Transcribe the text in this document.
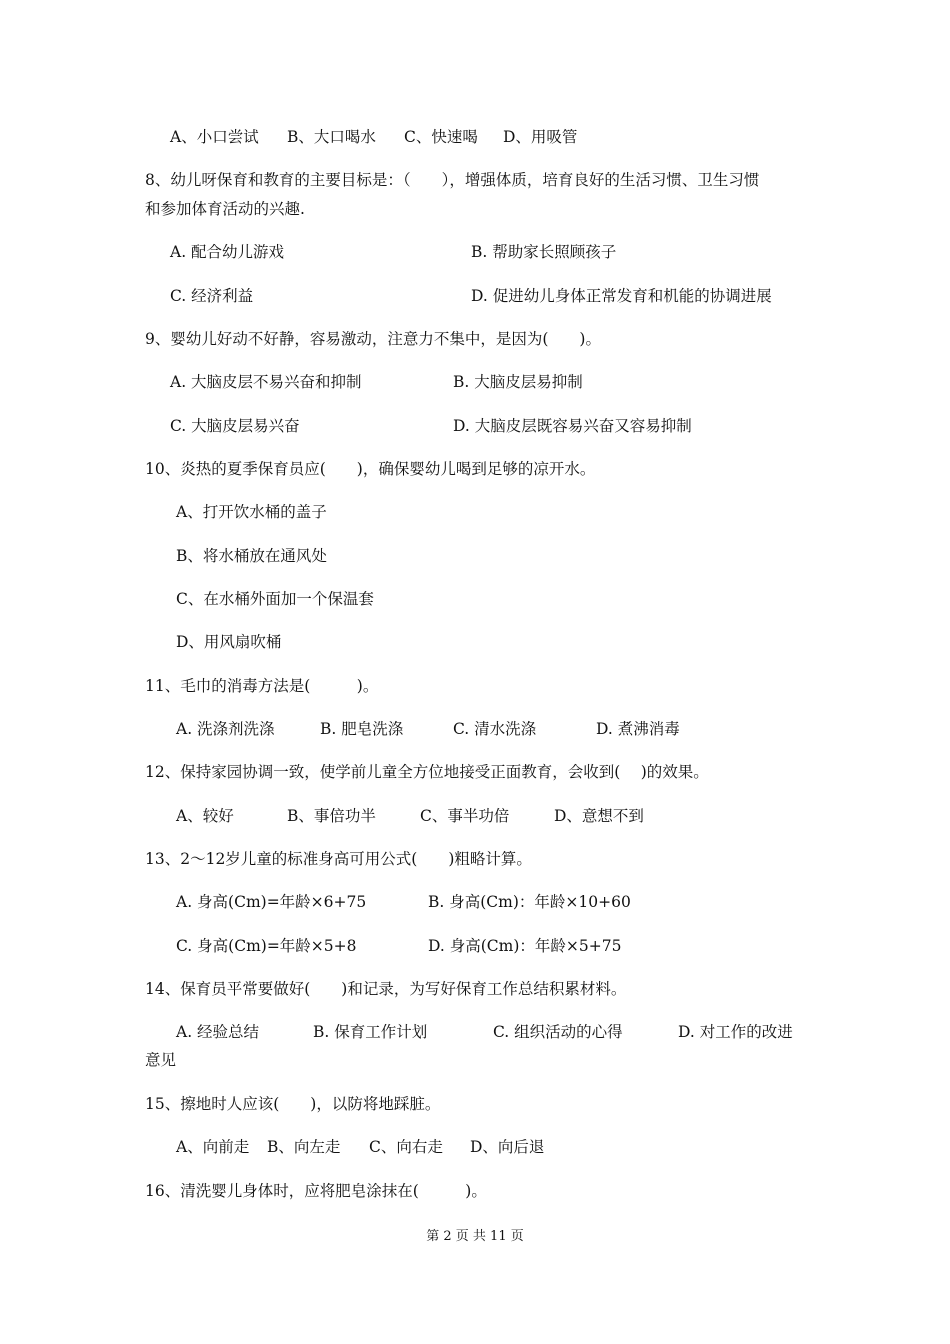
A、小口尝试 B、大口喝水 C、快速喝 D、用吸管
8、幼儿呀保育和教育的主要目标是：（　　），增强体质，培育良好的生活习惯、卫生习惯
和参加体育活动的兴趣.
A. 配合幼儿游戏	B. 帮助家长照顾孩子
C. 经济利益	D. 促进幼儿身体正常发育和机能的协调进展
9、婴幼儿好动不好静，容易激动，注意力不集中，是因为(　　)。
A. 大脑皮层不易兴奋和抑制	B. 大脑皮层易抑制
C. 大脑皮层易兴奋	D. 大脑皮层既容易兴奋又容易抑制
10、炎热的夏季保育员应(　　)，确保婴幼儿喝到足够的凉开水。
A、打开饮水桶的盖子
B、将水桶放在通风处
C、在水桶外面加一个保温套
D、用风扇吹桶
11、毛巾的消毒方法是(　　　)。
A. 洗涤剂洗涤	B. 肥皂洗涤	C. 清水洗涤	D. 煮沸消毒
12、保持家园协调一致，使学前儿童全方位地接受正面教育，会收到(　 )的效果。
A、较好	B、事倍功半	C、事半功倍	D、意想不到
13、2～12岁儿童的标准身高可用公式(　　)粗略计算。
A. 身高(Cm)=年龄×6+75	B. 身高(Cm)：年龄×10+60
C. 身高(Cm)=年龄×5+8	D. 身高(Cm)：年龄×5+75
14、保育员平常要做好(　　)和记录，为写好保育工作总结积累材料。
A. 经验总结	B. 保育工作计划	C. 组织活动的心得	D. 对工作的改进
意见
15、擦地时人应该(　　)，以防将地踩脏。
A、向前走 B、向左走 C、向右走 D、向后退
16、清洗婴儿身体时，应将肥皂涂抹在(　　　)。
第 2 页 共 11 页
